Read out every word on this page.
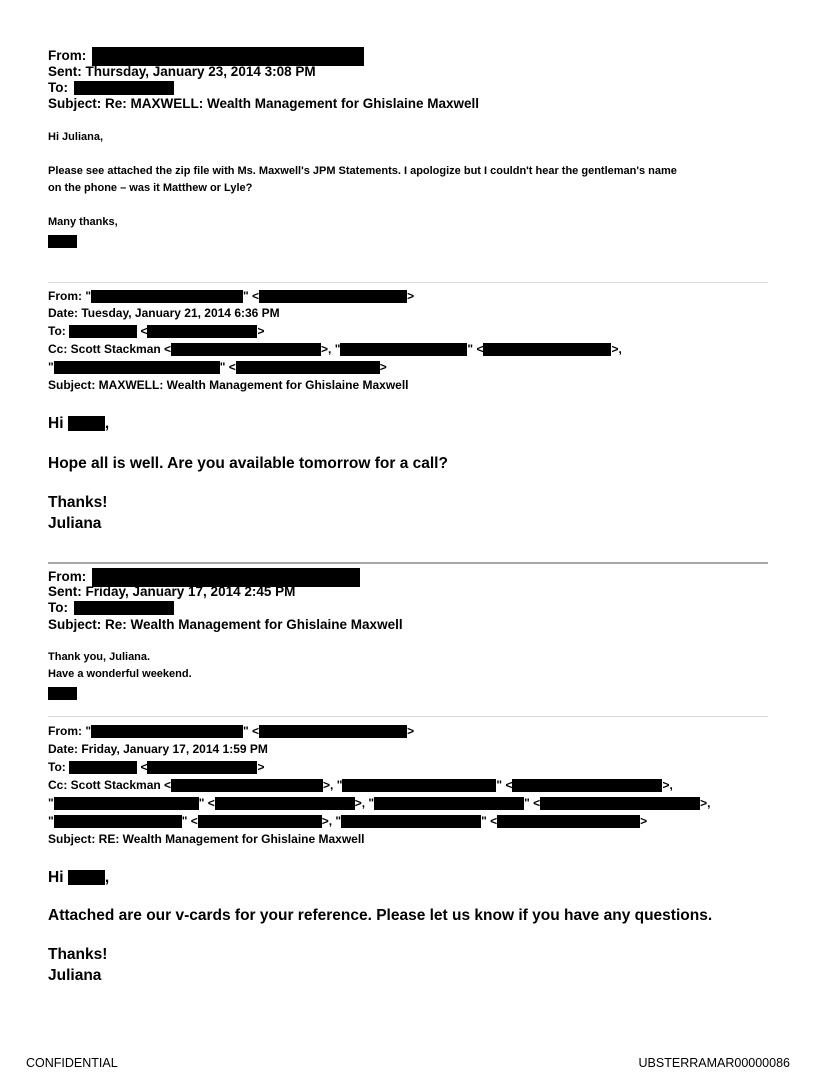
From:
Sent: Thursday, January 23, 2014 3:08 PM
To:
Subject: Re: MAXWELL: Wealth Management for Ghislaine Maxwell
Hi Juliana,
Please see attached the zip file with Ms. Maxwell's JPM Statements. I apologize but I couldn't hear the gentleman's name
on the phone – was it Matthew or Lyle?
Many thanks,
From: "	" <	>
Date: Tuesday, January 21, 2014 6:36 PM
To:	<	>
Cc: Scott Stackman <	>, "	" <	>,
"	" <	>
Subject: MAXWELL: Wealth Management for Ghislaine Maxwell
Hi	,
Hope all is well. Are you available tomorrow for a call?
Thanks!
Juliana
From:
Sent: Friday, January 17, 2014 2:45 PM
To:
Subject: Re: Wealth Management for Ghislaine Maxwell
Thank you, Juliana.
Have a wonderful weekend.
From: "	" <	>
Date: Friday, January 17, 2014 1:59 PM
To:	<	>
Cc: Scott Stackman <	>, "	" <	>,
"	" <	>, "	" <	>,
"	" <	>, "	" <	>
Subject: RE: Wealth Management for Ghislaine Maxwell
Hi	,
Attached are our v-cards for your reference. Please let us know if you have any questions.
Thanks!
Juliana
CONFIDENTIAL	UBSTERRAMAR00000086
